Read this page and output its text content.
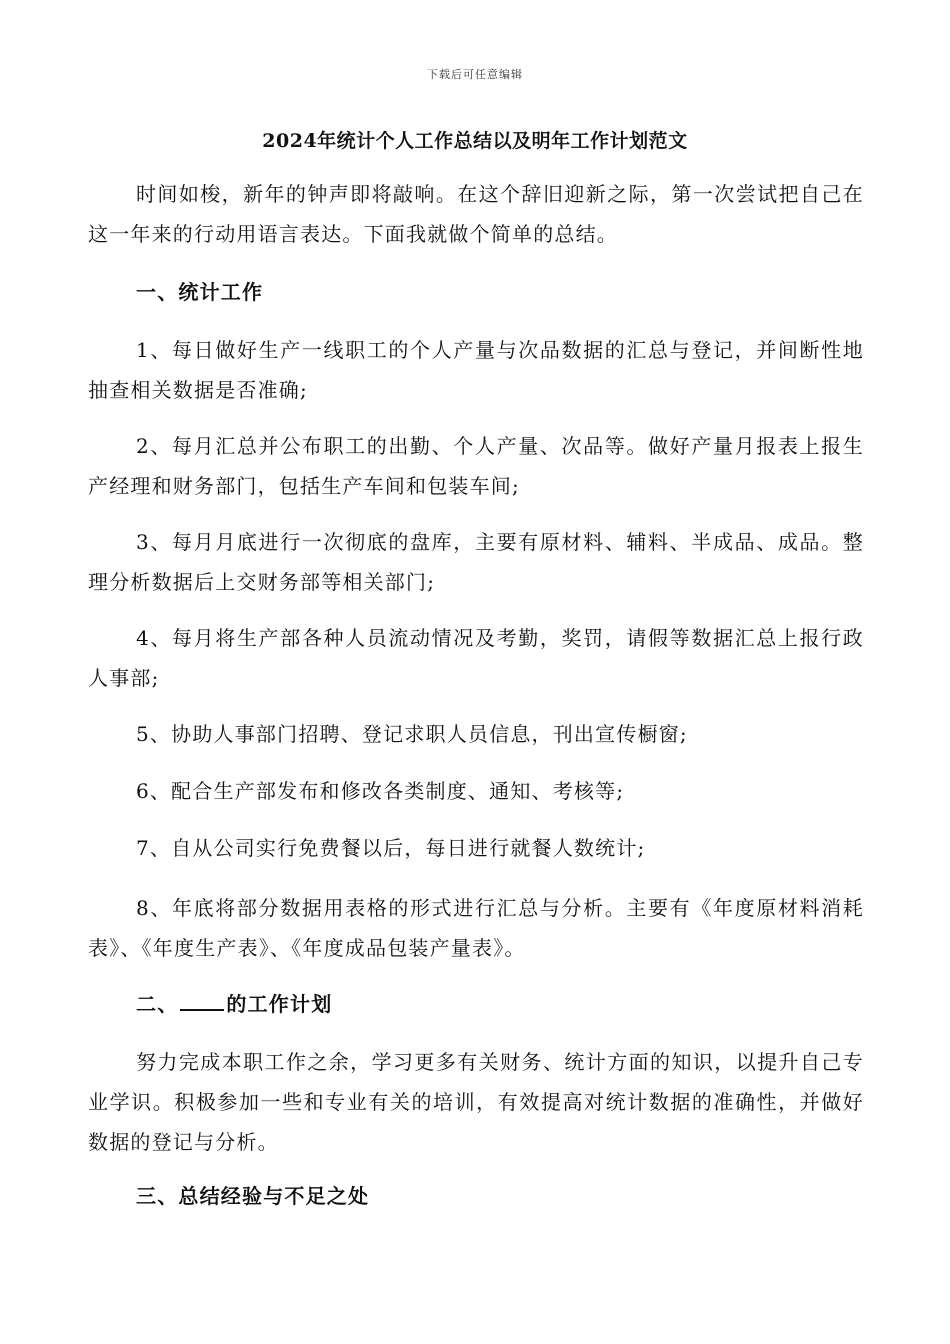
下载后可任意编辑
2024年统计个人工作总结以及明年工作计划范文

时间如梭，新年的钟声即将敲响。在这个辞旧迎新之际，第一次尝试把自己在这一年来的行动用语言表达。下面我就做个简单的总结。

一、统计工作

1、每日做好生产一线职工的个人产量与次品数据的汇总与登记，并间断性地抽查相关数据是否准确;

2、每月汇总并公布职工的出勤、个人产量、次品等。做好产量月报表上报生产经理和财务部门，包括生产车间和包装车间;

3、每月月底进行一次彻底的盘库，主要有原材料、辅料、半成品、成品。整理分析数据后上交财务部等相关部门;

4、每月将生产部各种人员流动情况及考勤，奖罚，请假等数据汇总上报行政人事部;

5、协助人事部门招聘、登记求职人员信息，刊出宣传橱窗;

6、配合生产部发布和修改各类制度、通知、考核等;

7、自从公司实行免费餐以后，每日进行就餐人数统计;

8、年底将部分数据用表格的形式进行汇总与分析。主要有《年度原材料消耗表》、《年度生产表》、《年度成品包装产量表》。

二、 的工作计划

努力完成本职工作之余，学习更多有关财务、统计方面的知识，以提升自己专业学识。积极参加一些和专业有关的培训，有效提高对统计数据的准确性，并做好数据的登记与分析。

三、总结经验与不足之处
